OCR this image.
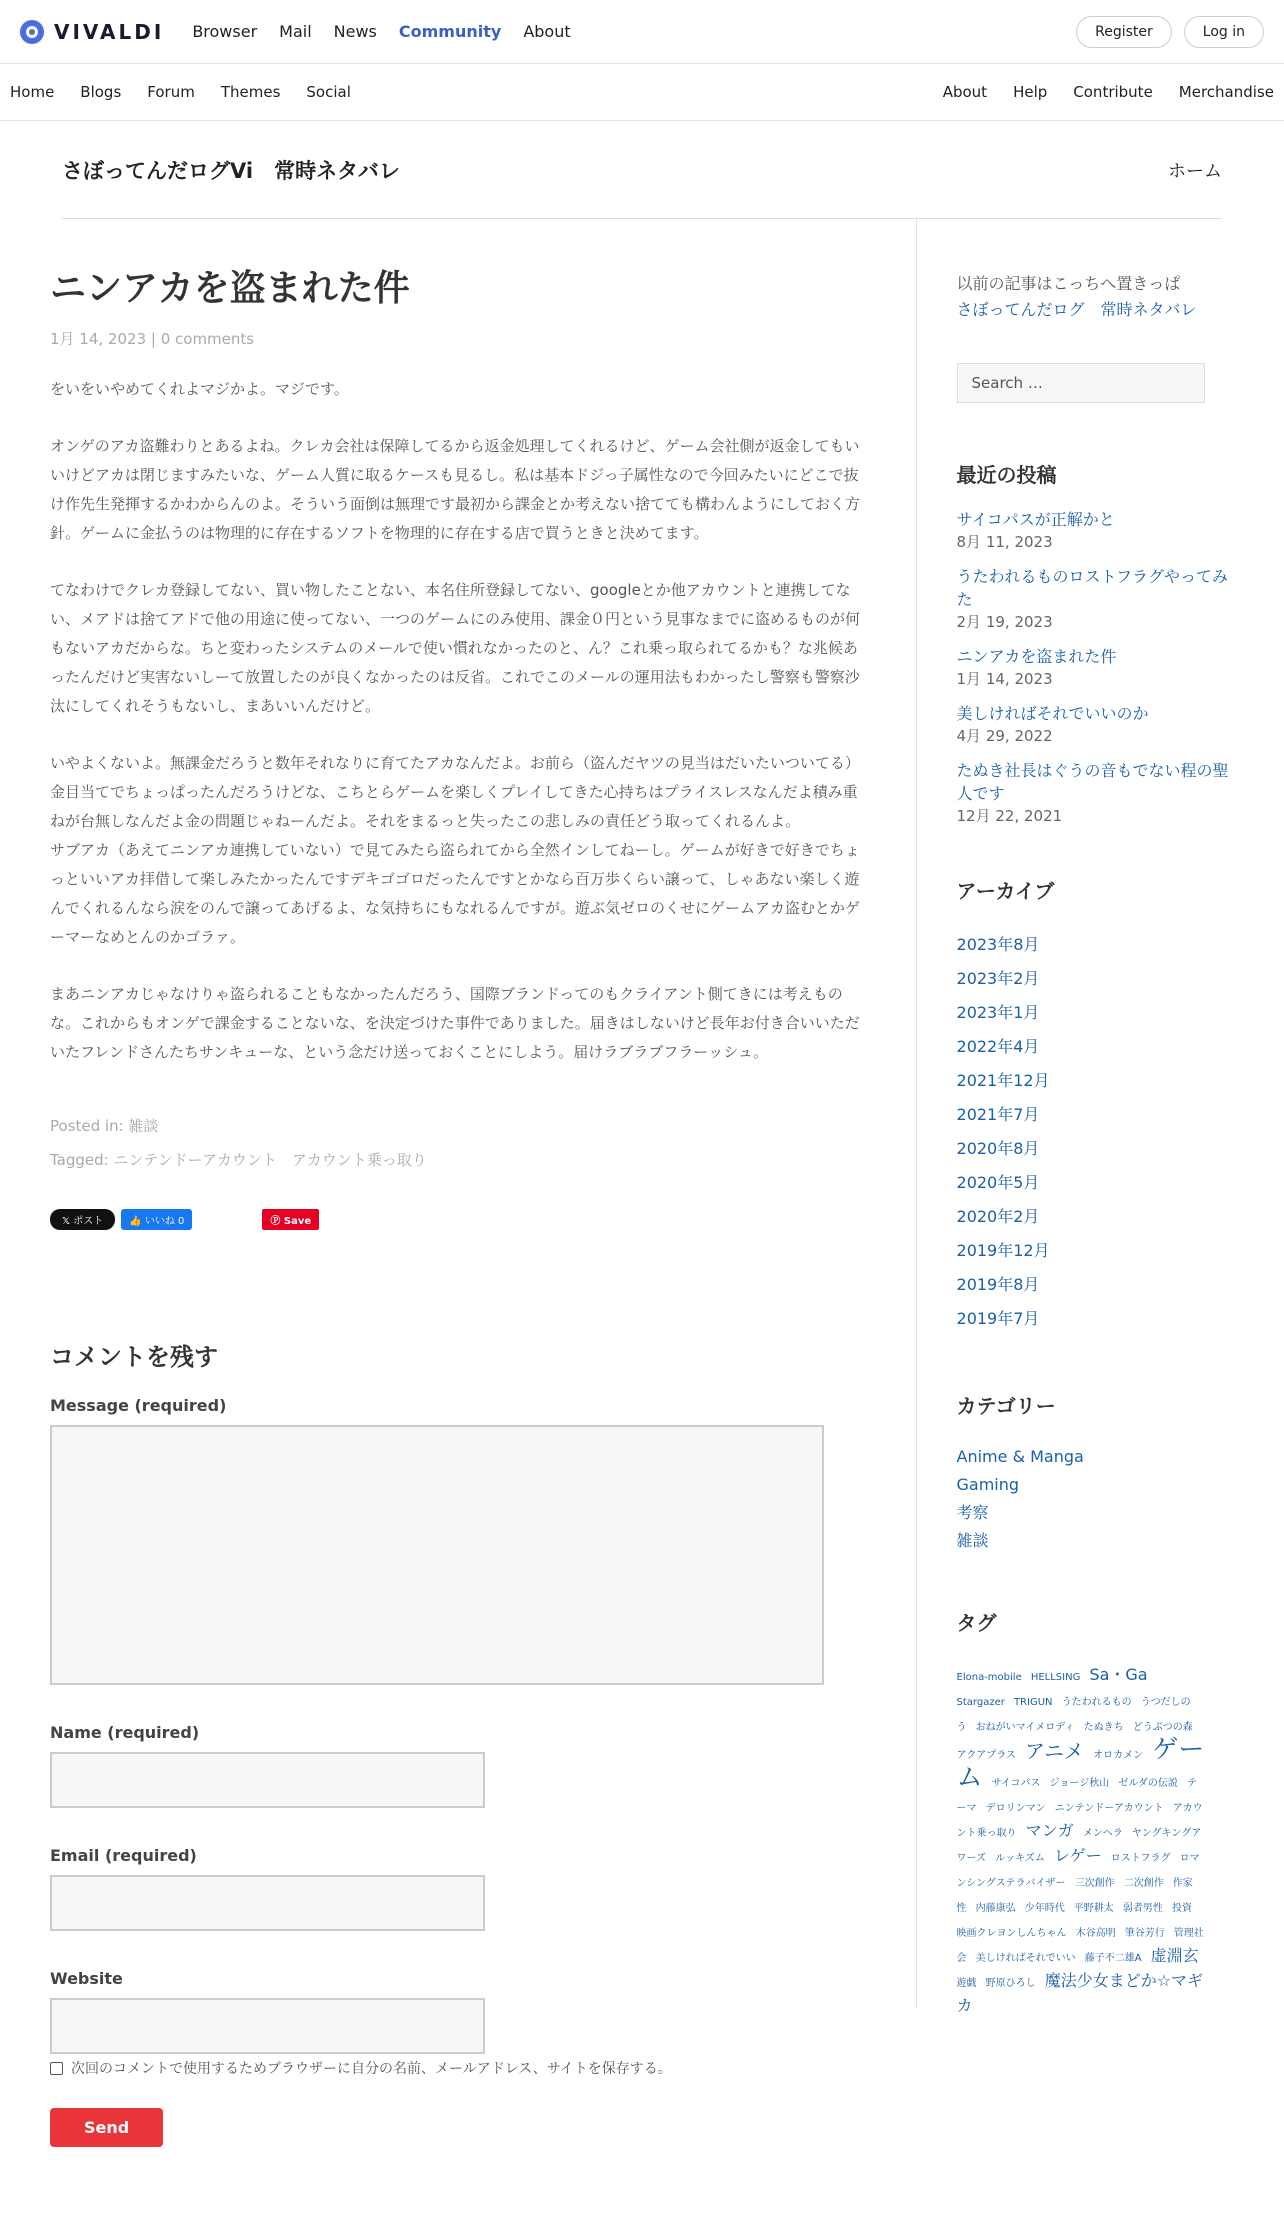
VIVALDI Browser Mail News Community About	Register	Log in
Home Blogs Forum Themes Social	About Help Contribute Merchandise
さぼってんだログVi　常時ネタバレ	ホーム
ニンアカを盗まれた件
1月 14, 2023 | 0 comments

をいをいやめてくれよマジかよ。マジです。

オンゲのアカ盗難わりとあるよね。クレカ会社は保障してるから返金処理してくれるけど、ゲーム会社側が返金してもいいけどアカは閉じますみたいな、ゲーム人質に取るケースも見るし。私は基本ドジっ子属性なので今回みたいにどこで抜け作先生発揮するかわからんのよ。そういう面倒は無理です最初から課金とか考えない捨てても構わんようにしておく方針。ゲームに金払うのは物理的に存在するソフトを物理的に存在する店で買うときと決めてます。

てなわけでクレカ登録してない、買い物したことない、本名住所登録してない、googleとか他アカウントと連携してない、メアドは捨てアドで他の用途に使ってない、一つのゲームにのみ使用、課金０円という見事なまでに盗めるものが何もないアカだからな。ちと変わったシステムのメールで使い慣れなかったのと、ん？これ乗っ取られてるかも？な兆候あったんだけど実害ないしーて放置したのが良くなかったのは反省。これでこのメールの運用法もわかったし警察も警察沙汰にしてくれそうもないし、まあいいんだけど。

いやよくないよ。無課金だろうと数年それなりに育てたアカなんだよ。お前ら（盗んだヤツの見当はだいたいついてる）金目当てでちょっぱったんだろうけどな、こちとらゲームを楽しくプレイしてきた心持ちはプライスレスなんだよ積み重ねが台無しなんだよ金の問題じゃねーんだよ。それをまるっと失ったこの悲しみの責任どう取ってくれるんよ。
サブアカ（あえてニンアカ連携していない）で見てみたら盗られてから全然インしてねーし。ゲームが好きで好きでちょっといいアカ拝借して楽しみたかったんですデキゴゴロだったんですとかなら百万歩くらい譲って、しゃあない楽しく遊んでくれるんなら涙をのんで譲ってあげるよ、な気持ちにもなれるんですが。遊ぶ気ゼロのくせにゲームアカ盗むとかゲーマーなめとんのかゴラァ。

まあニンアカじゃなけりゃ盗られることもなかったんだろう、国際ブランドってのもクライアント側てきには考えものな。これからもオンゲで課金することないな、を決定づけた事件でありました。届きはしないけど長年お付き合いいただいたフレンドさんたちサンキューな、という念だけ送っておくことにしよう。届けラブラブフラーッシュ。

Posted in: 雑談
Tagged: ニンテンドーアカウント　アカウント乗っ取り
𝕏 ポスト	👍 いいね 0	Ⓟ Save
コメントを残す
Message (required)
Name (required)
Email (required)
Website
次回のコメントで使用するためブラウザーに自分の名前、メールアドレス、サイトを保存する。
Send
以前の記事はこっちへ置きっぱ
さぼってんだログ　常時ネタバレ
Search …
最近の投稿
サイコパスが正解かと
8月 11, 2023
うたわれるものロストフラグやってみた
2月 19, 2023
ニンアカを盗まれた件
1月 14, 2023
美しければそれでいいのか
4月 29, 2022
たぬき社長はぐうの音もでない程の聖人です
12月 22, 2021
アーカイブ
2023年8月
2023年2月
2023年1月
2022年4月
2021年12月
2021年7月
2020年8月
2020年5月
2020年2月
2019年12月
2019年8月
2019年7月
カテゴリー
Anime & Manga
Gaming
考察
雑談
タグ
Elona-mobile HELLSING Sa・Ga Stargazer TRIGUN うたわれるもの うつだしのう おねがいマイメロディ たぬきち どうぶつの森 アクアプラス アニメ オロカメン ゲーム サイコパス ジョージ秋山 ゼルダの伝説 テーマ デロリンマン ニンテンドーアカウント アカウント乗っ取り マンガ メンヘラ ヤングキングアワーズ ルッキズム レゲー ロストフラグ ロマンシングステラバイザー 三次創作 二次創作 作家性 内藤康弘 少年時代 平野耕太 弱者男性 投資 映画クレヨンしんちゃん 木谷高明 筆谷芳行 管理社会 美しければそれでいい 藤子不二雄A 虚淵玄 遊戯 野原ひろし 魔法少女まどか☆マギカ
